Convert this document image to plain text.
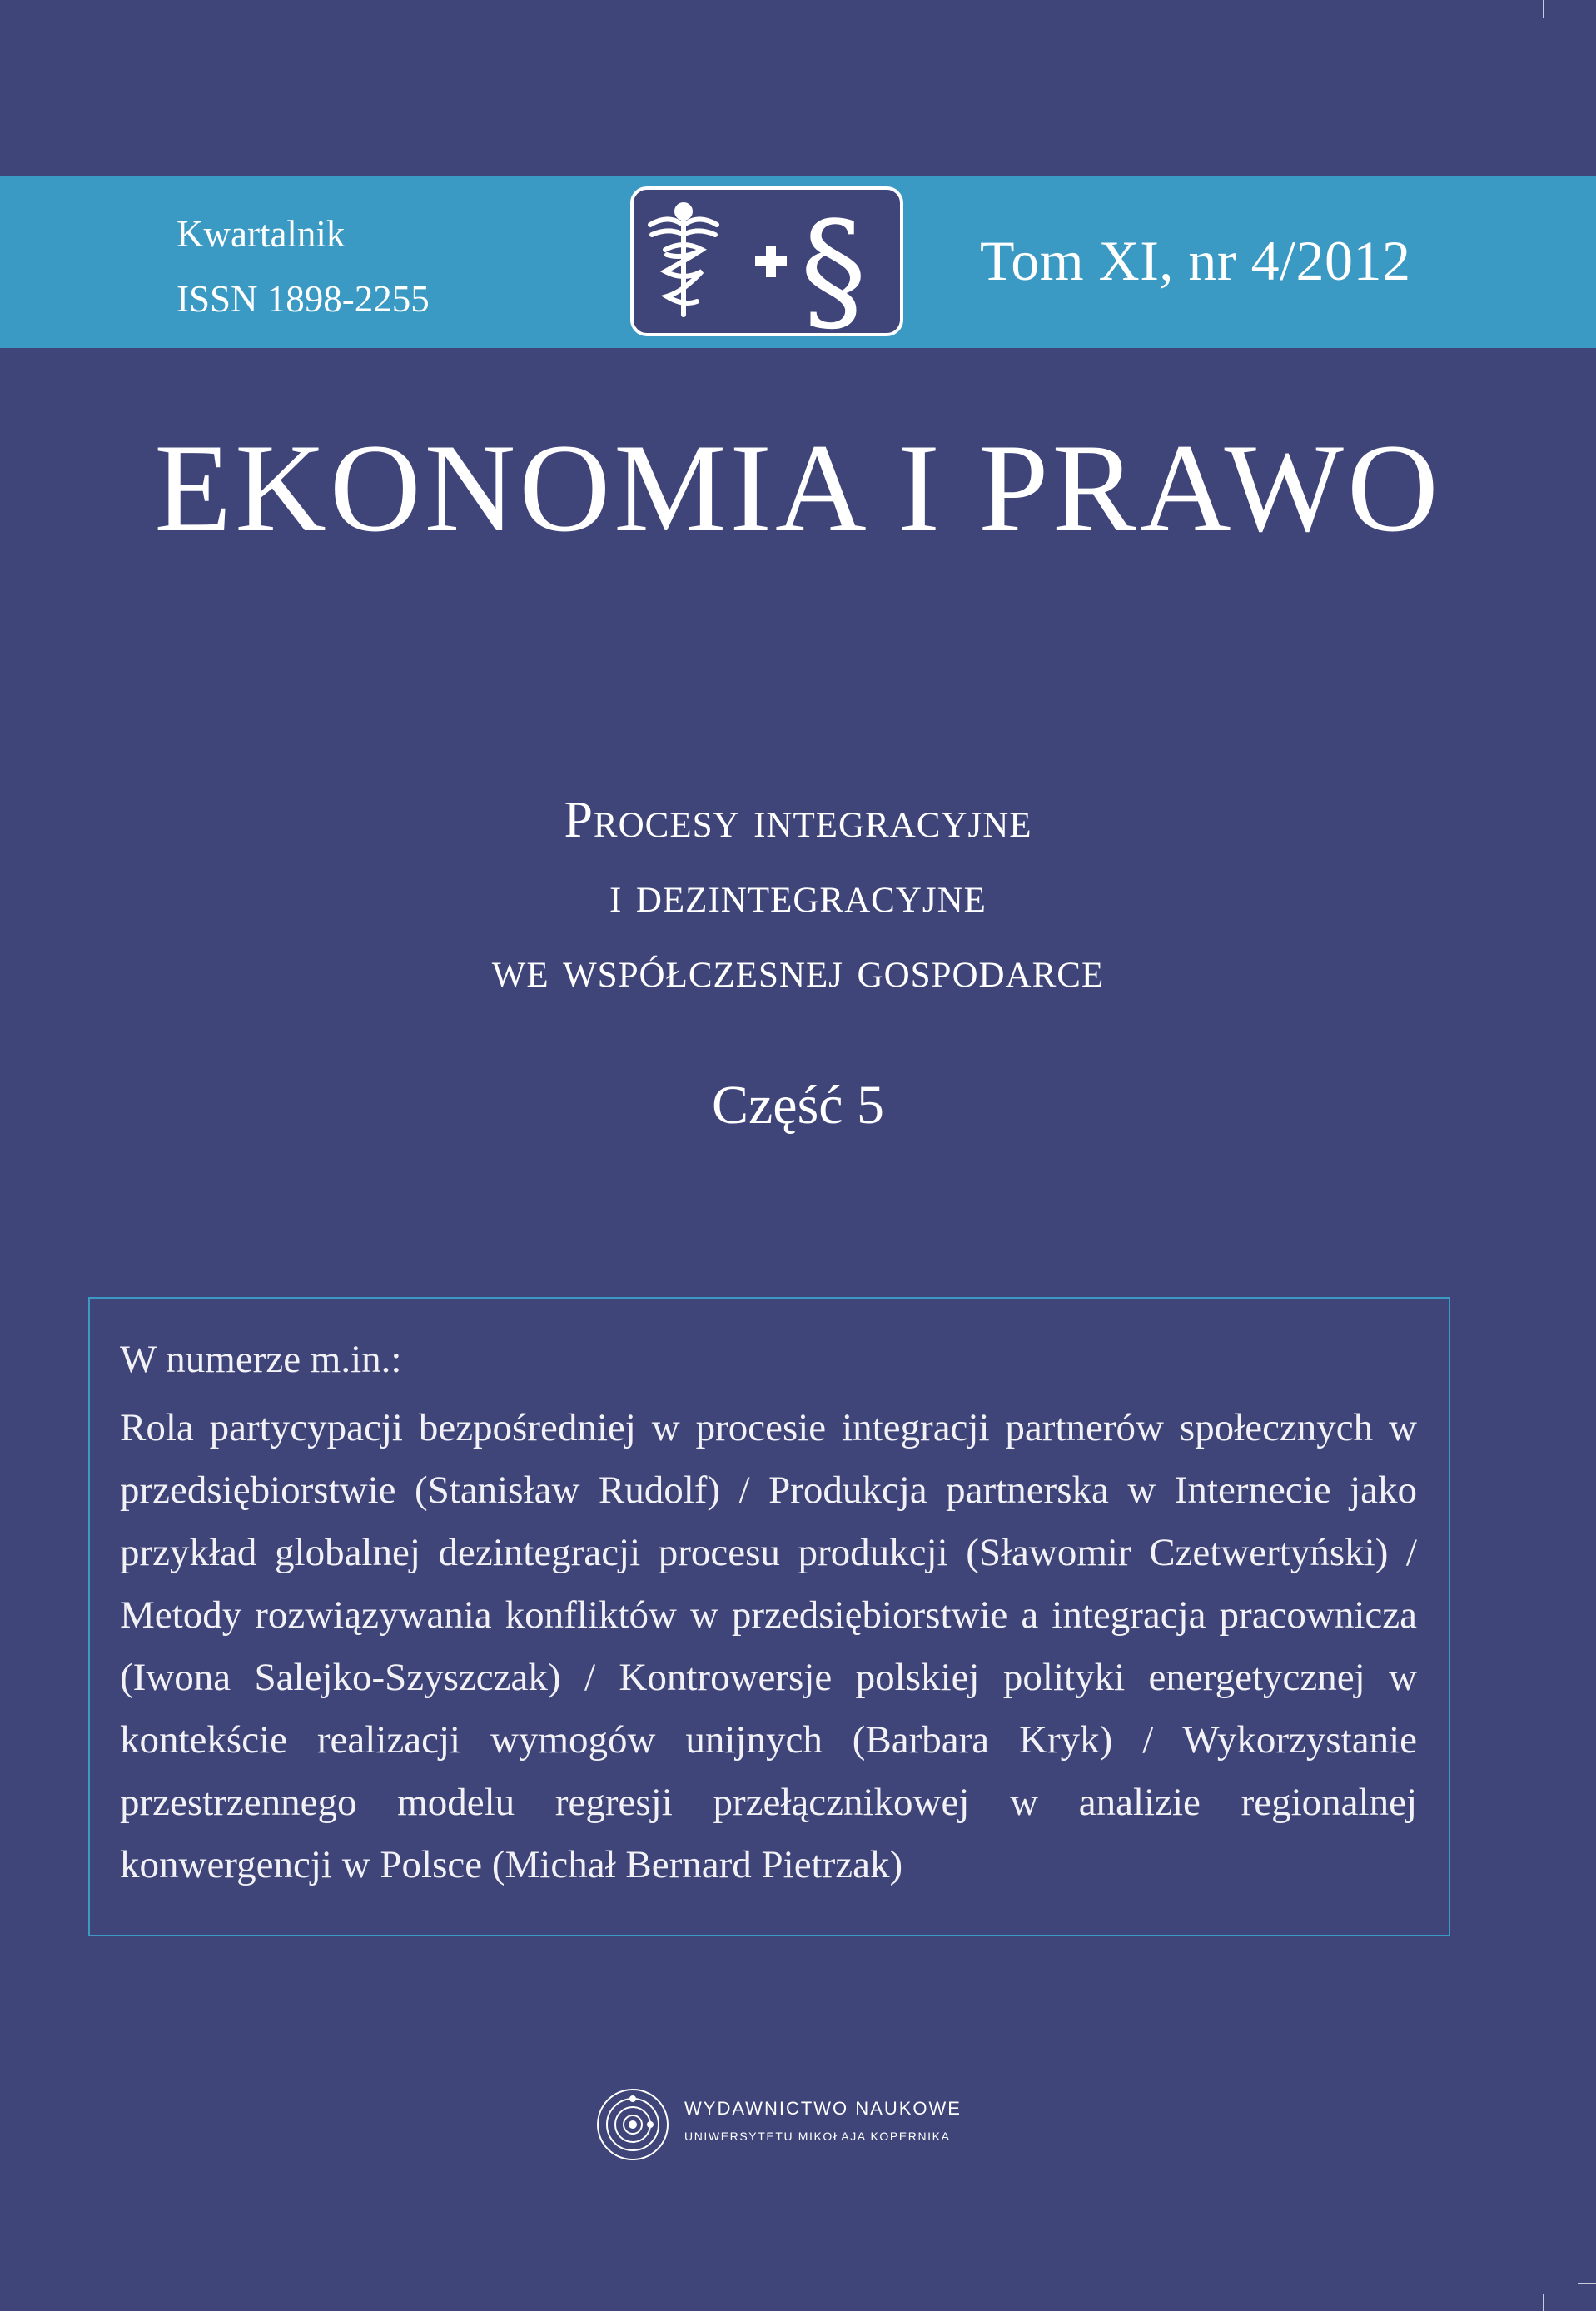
Kwartalnik
ISSN 1898-2255	§ Tom XI, nr 4/2012
EKONOMIA I PRAWO
Procesy integracyjne
i dezintegracyjne
we współczesnej gospodarce
Część 5
W numerze m.in.:
Rola partycypacji bezpośredniej w procesie integracji partnerów społecznych w przedsiębiorstwie (Stanisław Rudolf) / Produkcja partnerska w Internecie jako przykład globalnej dezintegracji procesu produkcji (Sławomir Czetwertyński) / Metody rozwiązywania konfliktów w przedsiębiorstwie a integracja pracownicza (Iwona Salejko-Szyszczak) / Kontrowersje polskiej polityki energetycznej w kontekście realizacji wymogów unijnych (Barbara Kryk) / Wykorzystanie przestrzennego modelu regresji przełącznikowej w analizie regionalnej konwergencji w Polsce (Michał Bernard Pietrzak)
WYDAWNICTWO NAUKOWE
UNIWERSYTETU MIKOŁAJA KOPERNIKA
